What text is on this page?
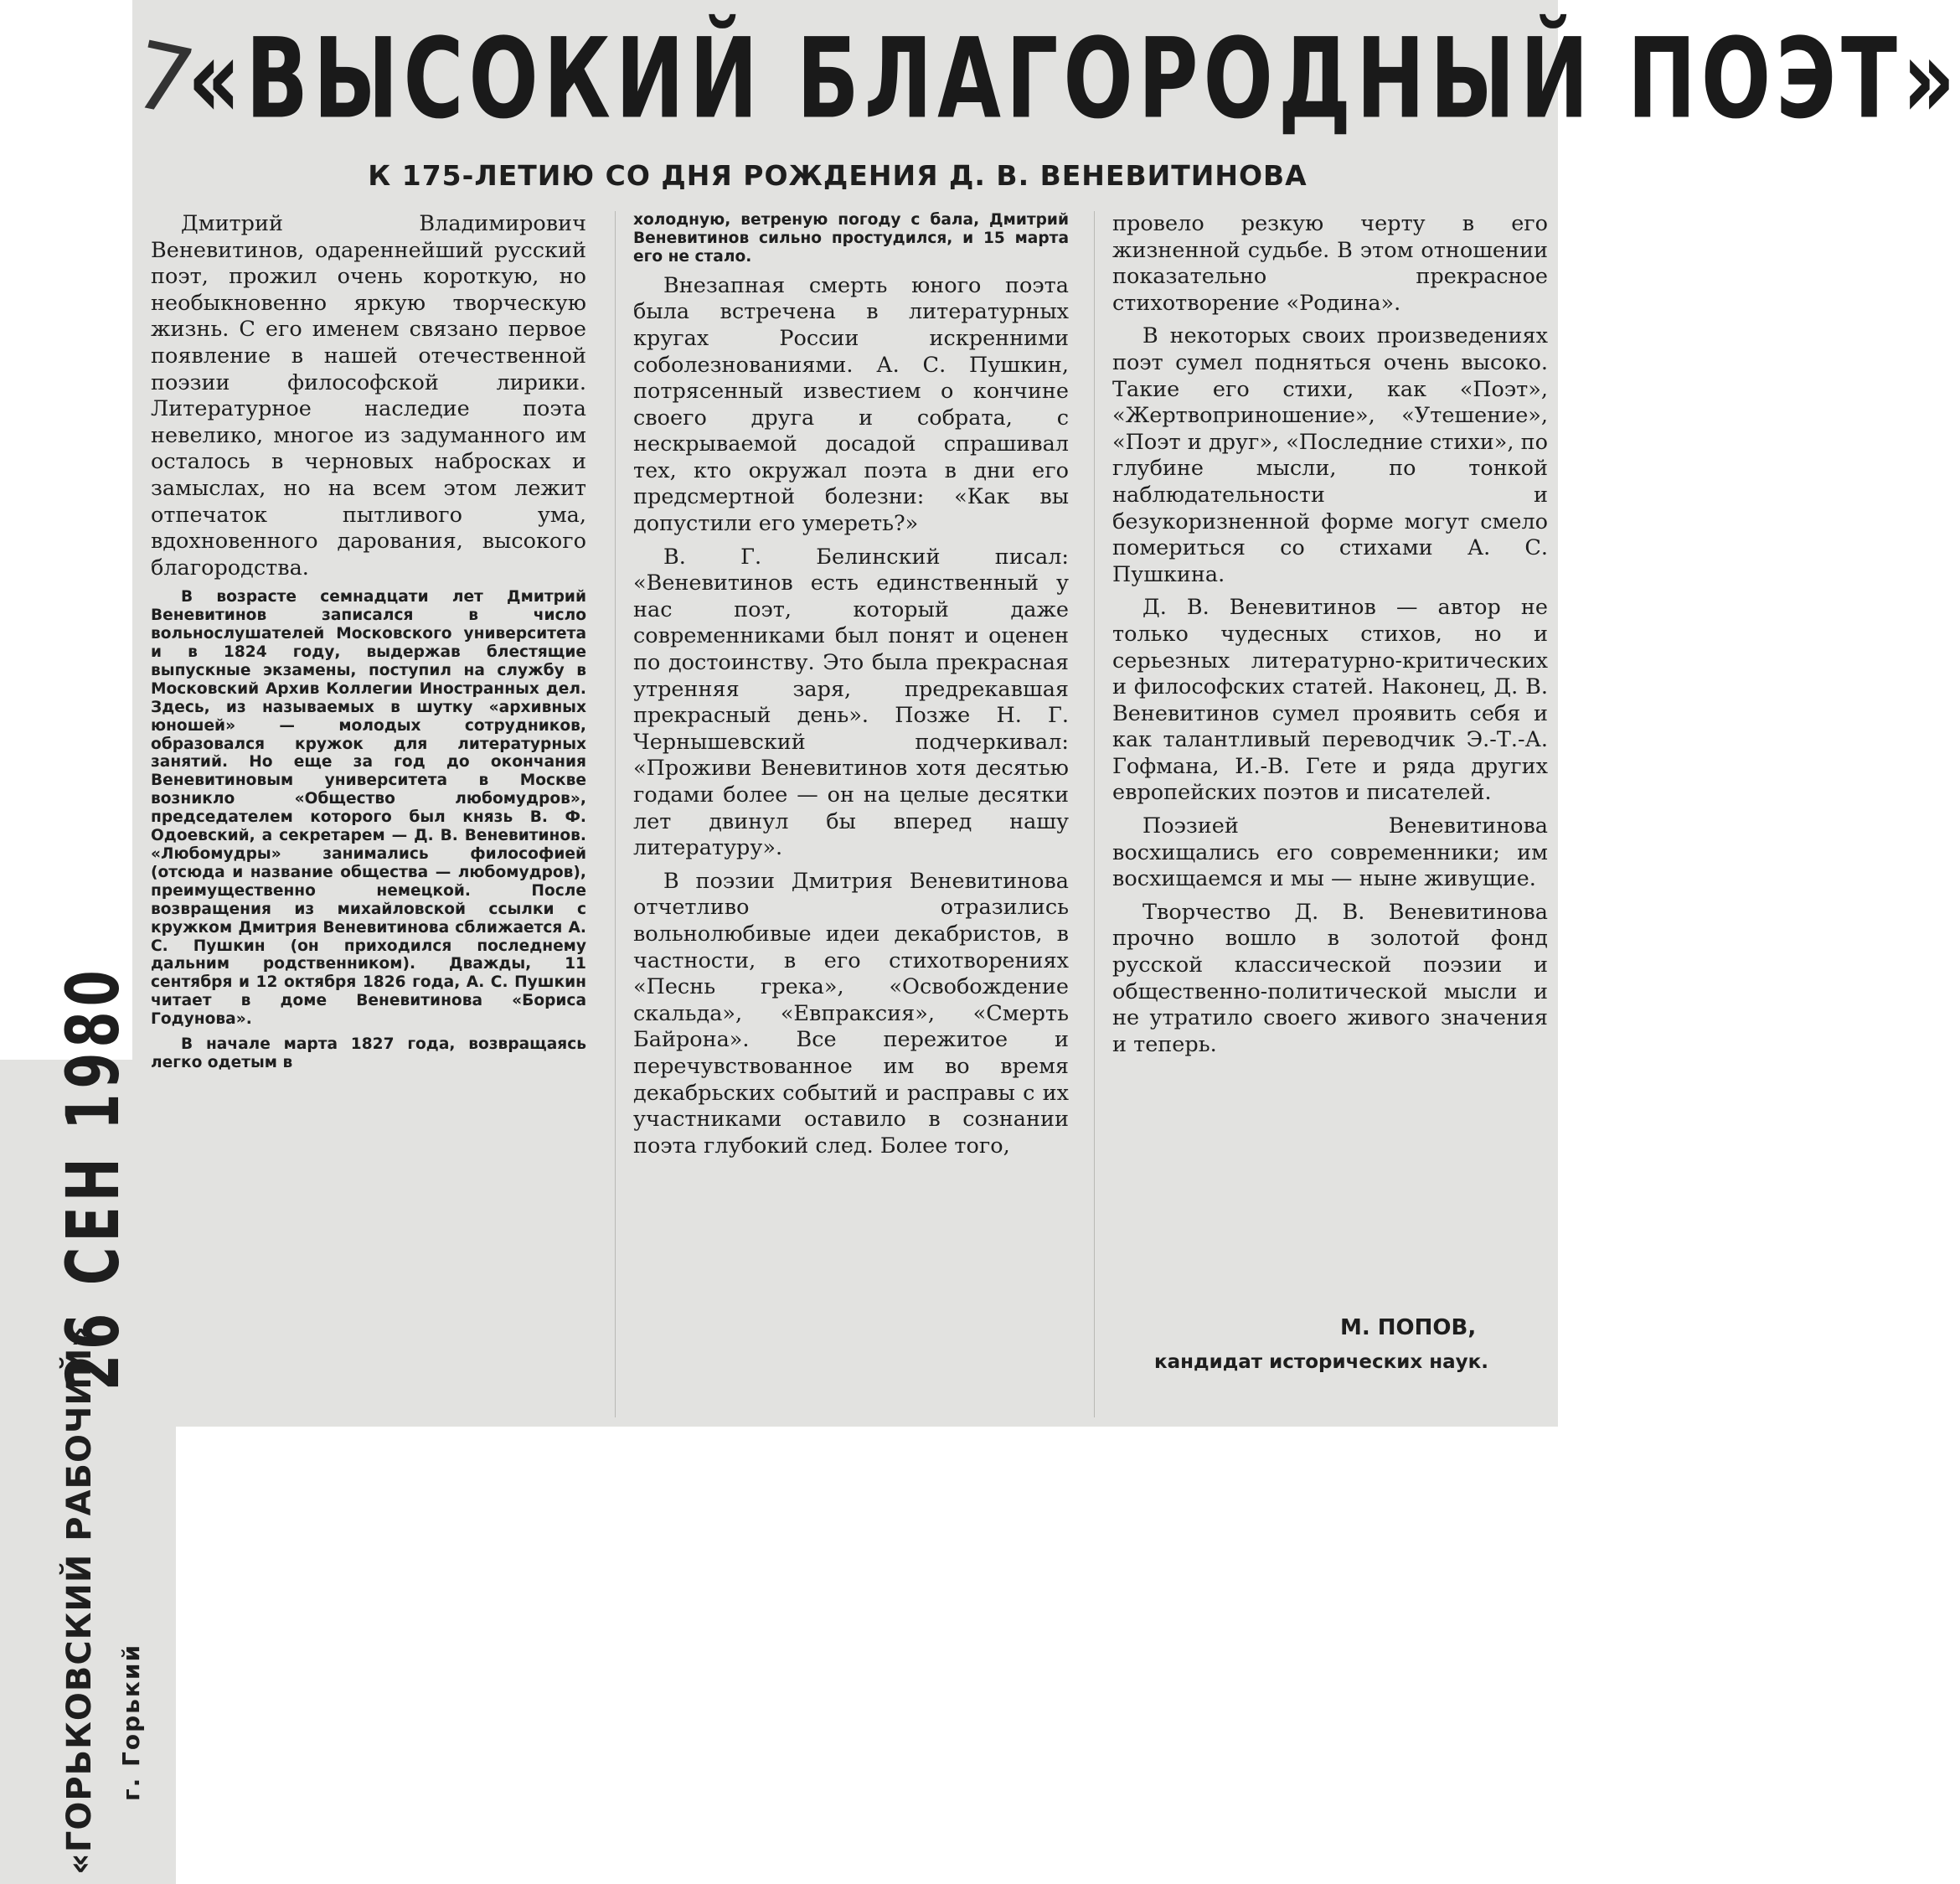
7
«ВЫСОКИЙ БЛАГОРОДНЫЙ ПОЭТ»
К 175-ЛЕТИЮ СО ДНЯ РОЖДЕНИЯ Д. В. ВЕНЕВИТИНОВА

Дмитрий Владимирович Веневитинов, одареннейший русский поэт, прожил очень короткую, но необыкновенно яркую творческую жизнь. С его именем связано первое появление в нашей отечественной поэзии философской лирики. Литературное наследие поэта невелико, многое из задуманного им осталось в черновых набросках и замыслах, но на всем этом лежит отпечаток пытливого ума, вдохновенного дарования, высокого благородства.

В возрасте семнадцати лет Дмитрий Веневитинов записался в число вольнослушателей Московского университета и в 1824 году, выдержав блестящие выпускные экзамены, поступил на службу в Московский Архив Коллегии Иностранных дел. Здесь, из называемых в шутку «архивных юношей» — молодых сотрудников, образовался кружок для литературных занятий. Но еще за год до окончания Веневитиновым университета в Москве возникло «Общество любомудров», председателем которого был князь В. Ф. Одоевский, а секретарем — Д. В. Веневитинов. «Любомудры» занимались философией (отсюда и название общества — любомудров), преимущественно немецкой. После возвращения из михайловской ссылки с кружком Дмитрия Веневитинова сближается А. С. Пушкин (он приходился последнему дальним родственником). Дважды, 11 сентября и 12 октября 1826 года, А. С. Пушкин читает в доме Веневитинова «Бориса Годунова».

В начале марта 1827 года, возвращаясь легко одетым в

холодную, ветреную погоду с бала, Дмитрий Веневитинов сильно простудился, и 15 марта его не стало.

Внезапная смерть юного поэта была встречена в литературных кругах России искренними соболезнованиями. А. С. Пушкин, потрясенный известием о кончине своего друга и собрата, с нескрываемой досадой спрашивал тех, кто окружал поэта в дни его предсмертной болезни: «Как вы допустили его умереть?»

В. Г. Белинский писал: «Веневитинов есть единственный у нас поэт, который даже современниками был понят и оценен по достоинству. Это была прекрасная утренняя заря, предрекавшая прекрасный день». Позже Н. Г. Чернышевский подчеркивал: «Проживи Веневитинов хотя десятью годами более — он на целые десятки лет двинул бы вперед нашу литературу».

В поэзии Дмитрия Веневитинова отчетливо отразились вольнолюбивые идеи декабристов, в частности, в его стихотворениях «Песнь грека», «Освобождение скальда», «Евпраксия», «Смерть Байрона». Все пережитое и перечувствованное им во время декабрьских событий и расправы с их участниками оставило в сознании поэта глубокий след. Более того,

провело резкую черту в его жизненной судьбе. В этом отношении показательно прекрасное стихотворение «Родина».

В некоторых своих произведениях поэт сумел подняться очень высоко. Такие его стихи, как «Поэт», «Жертвоприношение», «Утешение», «Поэт и друг», «Последние стихи», по глубине мысли, по тонкой наблюдательности и безукоризненной форме могут смело помериться со стихами А. С. Пушкина.

Д. В. Веневитинов — автор не только чудесных стихов, но и серьезных литературно-критических и философских статей. Наконец, Д. В. Веневитинов сумел проявить себя и как талантливый переводчик Э.-Т.-А. Гофмана, И.-В. Гете и ряда других европейских поэтов и писателей.

Поэзией Веневитинова восхищались его современники; им восхищаемся и мы — ныне живущие.

Творчество Д. В. Веневитинова прочно вошло в золотой фонд русской классической поэзии и общественно-политической мысли и не утратило своего живого значения и теперь.

М. ПОПОВ,

кандидат исторических наук.

26 СЕН 1980
«ГОРЬКОВСКИЙ РАБОЧИЙ» г. Горький
